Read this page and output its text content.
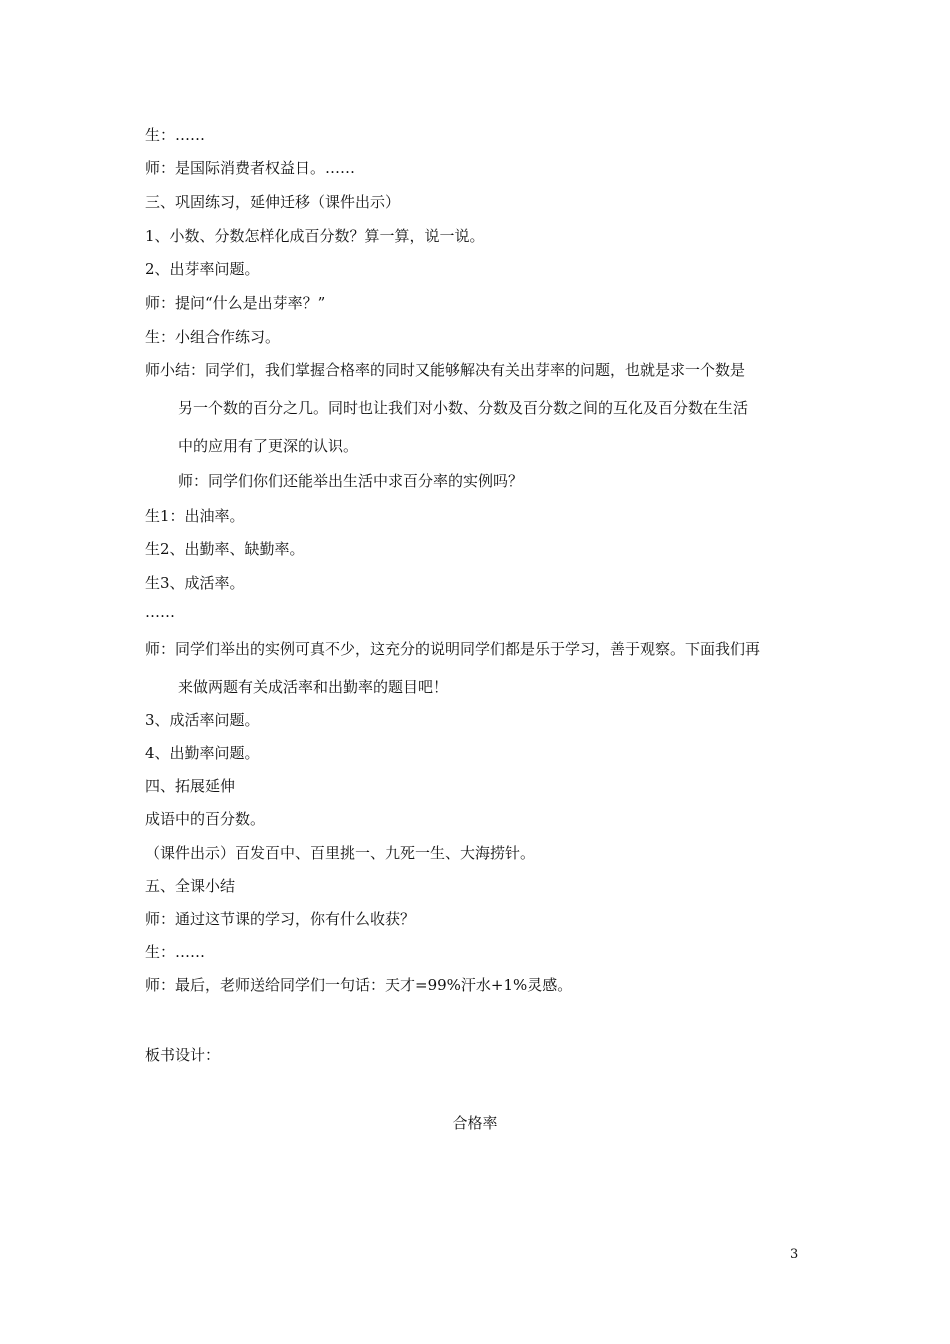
生：……
师：是国际消费者权益日。……
三、巩固练习，延伸迁移（课件出示）
1、小数、分数怎样化成百分数？算一算，说一说。
2、出芽率问题。
师：提问“什么是出芽率？”
生：小组合作练习。
师小结：同学们，我们掌握合格率的同时又能够解决有关出芽率的问题，也就是求一个数是
另一个数的百分之几。同时也让我们对小数、分数及百分数之间的互化及百分数在生活
中的应用有了更深的认识。
师：同学们你们还能举出生活中求百分率的实例吗？
生1：出油率。
生2、出勤率、缺勤率。
生3、成活率。
……
师：同学们举出的实例可真不少，这充分的说明同学们都是乐于学习，善于观察。下面我们再
来做两题有关成活率和出勤率的题目吧！
3、成活率问题。
4、出勤率问题。
四、拓展延伸
成语中的百分数。
（课件出示）百发百中、百里挑一、九死一生、大海捞针。
五、全课小结
师：通过这节课的学习，你有什么收获？
生：……
师：最后，老师送给同学们一句话：天才=99%汗水+1%灵感。
板书设计：
合格率
3
